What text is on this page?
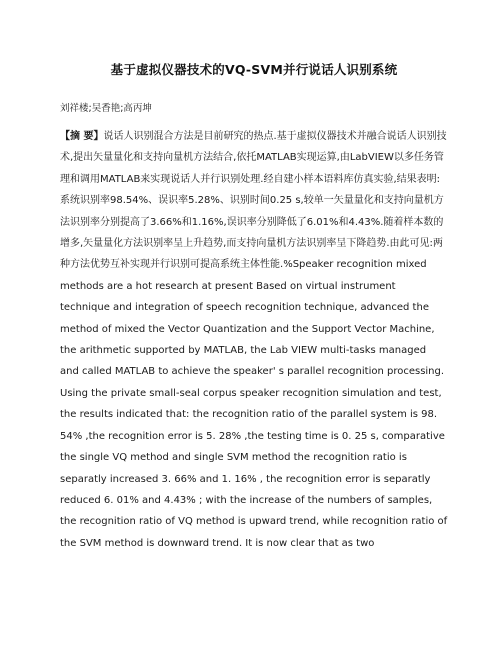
基于虚拟仪器技术的VQ-SVM并行说话人识别系统
刘祥楼;吴香艳;高丙坤

【摘 要】说话人识别混合方法是目前研究的热点.基于虚拟仪器技术并融合说话人识别技术,提出矢量量化和支持向量机方法结合,依托MATLAB实现运算,由LabVIEW以多任务管理和调用MATLAB来实现说话人并行识别处理.经自建小样本语料库仿真实验,结果表明:系统识别率98.54%、误识率5.28%、识别时间0.25 s,较单一矢量量化和支持向量机方法识别率分别提高了3.66%和1.16%,误识率分别降低了6.01%和4.43%.随着样本数的增多,矢量量化方法识别率呈上升趋势,而支持向量机方法识别率呈下降趋势.由此可见:两种方法优势互补实现并行识别可提高系统主体性能.%Speaker recognition mixed methods are a hot research at present Based on virtual instrument technique and integration of speech recognition technique, advanced the method of mixed the Vector Quantization and the Support Vector Machine, the arithmetic supported by MATLAB, the Lab VIEW multi-tasks managed and called MATLAB to achieve the speaker' s parallel recognition processing. Using the private small-seal corpus speaker recognition simulation and test, the results indicated that: the recognition ratio of the parallel system is 98. 54% ,the recognition error is 5. 28% ,the testing time is 0. 25 s, comparative the single VQ method and single SVM method the recognition ratio is separatly increased 3. 66% and 1. 16% , the recognition error is separatly reduced 6. 01% and 4.43% ; with the increase of the numbers of samples, the recognition ratio of VQ method is upward trend, while recognition ratio of the SVM method is downward trend. It is now clear that as two
